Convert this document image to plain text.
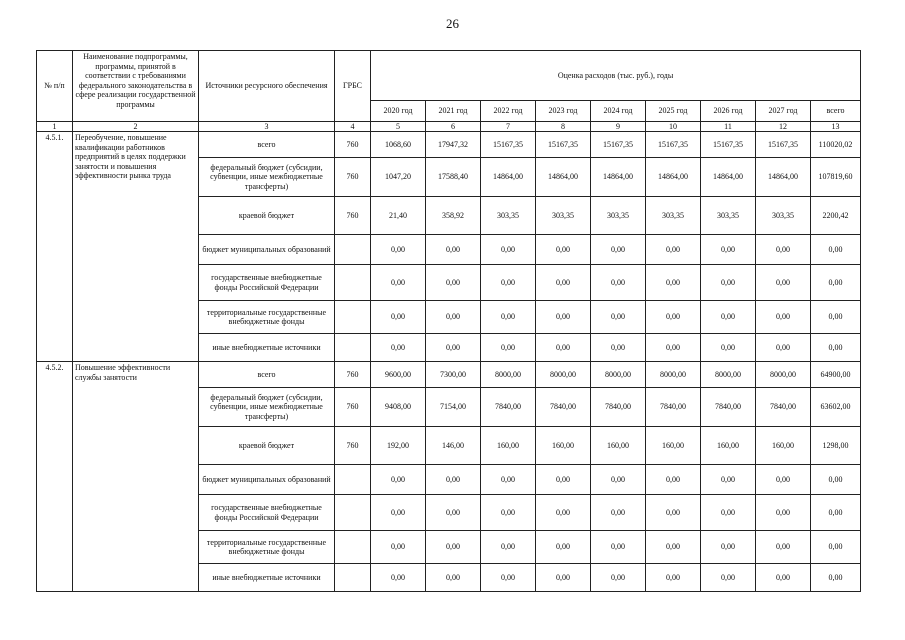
26
№ п/п	Наименование подпрограммы, программы, принятой в соответствии с требованиями федерального законодательства в сфере реализации государственной программы	Источники ресурсного обеспечения	ГРБС	Оценка расходов (тыс. руб.), годы								
				2020 год	2021 год	2022 год	2023 год	2024 год	2025 год	2026 год	2027 год	всего
1	2	3	4	5	6	7	8	9	10	11	12	13
4.5.1.	Переобучение, повышение квалификации работников предприятий в целях поддержки занятости и повышения эффективности рынка труда	всего	760	1068,60	17947,32	15167,35	15167,35	15167,35	15167,35	15167,35	15167,35	110020,02
		федеральный бюджет (субсидии, субвенции, иные межбюджетные трансферты)	760	1047,20	17588,40	14864,00	14864,00	14864,00	14864,00	14864,00	14864,00	107819,60
		краевой бюджет	760	21,40	358,92	303,35	303,35	303,35	303,35	303,35	303,35	2200,42
		бюджет муниципальных образований		0,00	0,00	0,00	0,00	0,00	0,00	0,00	0,00	0,00
		государственные внебюджетные фонды Российской Федерации		0,00	0,00	0,00	0,00	0,00	0,00	0,00	0,00	0,00
		территориальные государственные внебюджетные фонды		0,00	0,00	0,00	0,00	0,00	0,00	0,00	0,00	0,00
		иные внебюджетные источники		0,00	0,00	0,00	0,00	0,00	0,00	0,00	0,00	0,00
4.5.2.	Повышение эффективности службы занятости	всего	760	9600,00	7300,00	8000,00	8000,00	8000,00	8000,00	8000,00	8000,00	64900,00
		федеральный бюджет (субсидии, субвенции, иные межбюджетные трансферты)	760	9408,00	7154,00	7840,00	7840,00	7840,00	7840,00	7840,00	7840,00	63602,00
		краевой бюджет	760	192,00	146,00	160,00	160,00	160,00	160,00	160,00	160,00	1298,00
		бюджет муниципальных образований		0,00	0,00	0,00	0,00	0,00	0,00	0,00	0,00	0,00
		государственные внебюджетные фонды Российской Федерации		0,00	0,00	0,00	0,00	0,00	0,00	0,00	0,00	0,00
		территориальные государственные внебюджетные фонды		0,00	0,00	0,00	0,00	0,00	0,00	0,00	0,00	0,00
		иные внебюджетные источники		0,00	0,00	0,00	0,00	0,00	0,00	0,00	0,00	0,00
